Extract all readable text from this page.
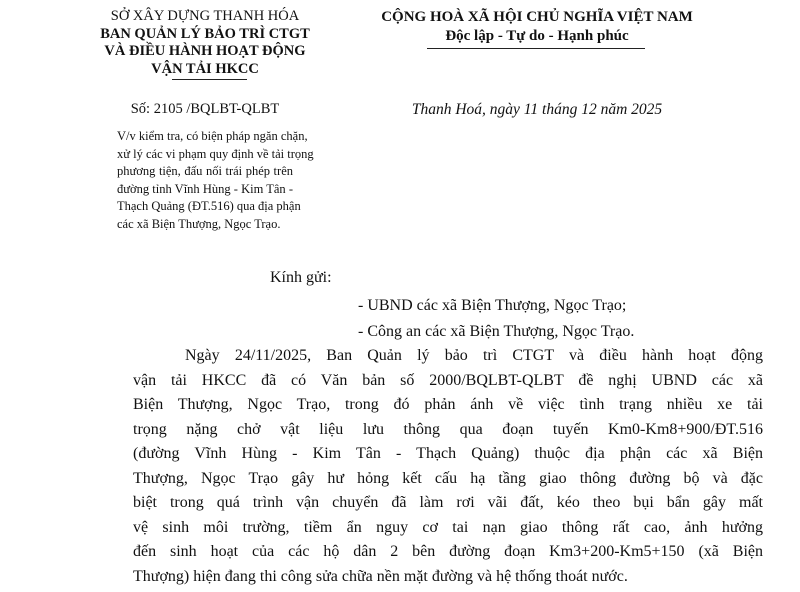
SỞ XÂY DỰNG THANH HÓA
BAN QUẢN LÝ BẢO TRÌ CTGT
VÀ ĐIỀU HÀNH HOẠT ĐỘNG
VẬN TẢI HKCC
CỘNG HOÀ XÃ HỘI CHỦ NGHĨA VIỆT NAM
Độc lập - Tự do - Hạnh phúc
Số: 2105 /BQLBT-QLBT	Thanh Hoá, ngày 11 tháng 12 năm 2025
V/v kiểm tra, có biện pháp ngăn chặn,
xử lý các vi phạm quy định về tải trọng
phương tiện, đấu nối trái phép trên
đường tỉnh Vĩnh Hùng - Kim Tân -
Thạch Quảng (ĐT.516) qua địa phận
các xã Biện Thượng, Ngọc Trạo.
Kính gửi:
- UBND các xã Biện Thượng, Ngọc Trạo;
- Công an các xã Biện Thượng, Ngọc Trạo.
Ngày 24/11/2025, Ban Quản lý bảo trì CTGT và điều hành hoạt động
vận tải HKCC đã có Văn bản số 2000/BQLBT-QLBT đề nghị UBND các xã
Biện Thượng, Ngọc Trạo, trong đó phản ánh về việc tình trạng nhiều xe tải
trọng nặng chở vật liệu lưu thông qua đoạn tuyến Km0-Km8+900/ĐT.516
(đường Vĩnh Hùng - Kim Tân - Thạch Quảng) thuộc địa phận các xã Biện
Thượng, Ngọc Trạo gây hư hỏng kết cấu hạ tầng giao thông đường bộ và đặc
biệt trong quá trình vận chuyển đã làm rơi vãi đất, kéo theo bụi bẩn gây mất
vệ sinh môi trường, tiềm ẩn nguy cơ tai nạn giao thông rất cao, ảnh hưởng
đến sinh hoạt của các hộ dân 2 bên đường đoạn Km3+200-Km5+150 (xã Biện
Thượng) hiện đang thi công sửa chữa nền mặt đường và hệ thống thoát nước.
